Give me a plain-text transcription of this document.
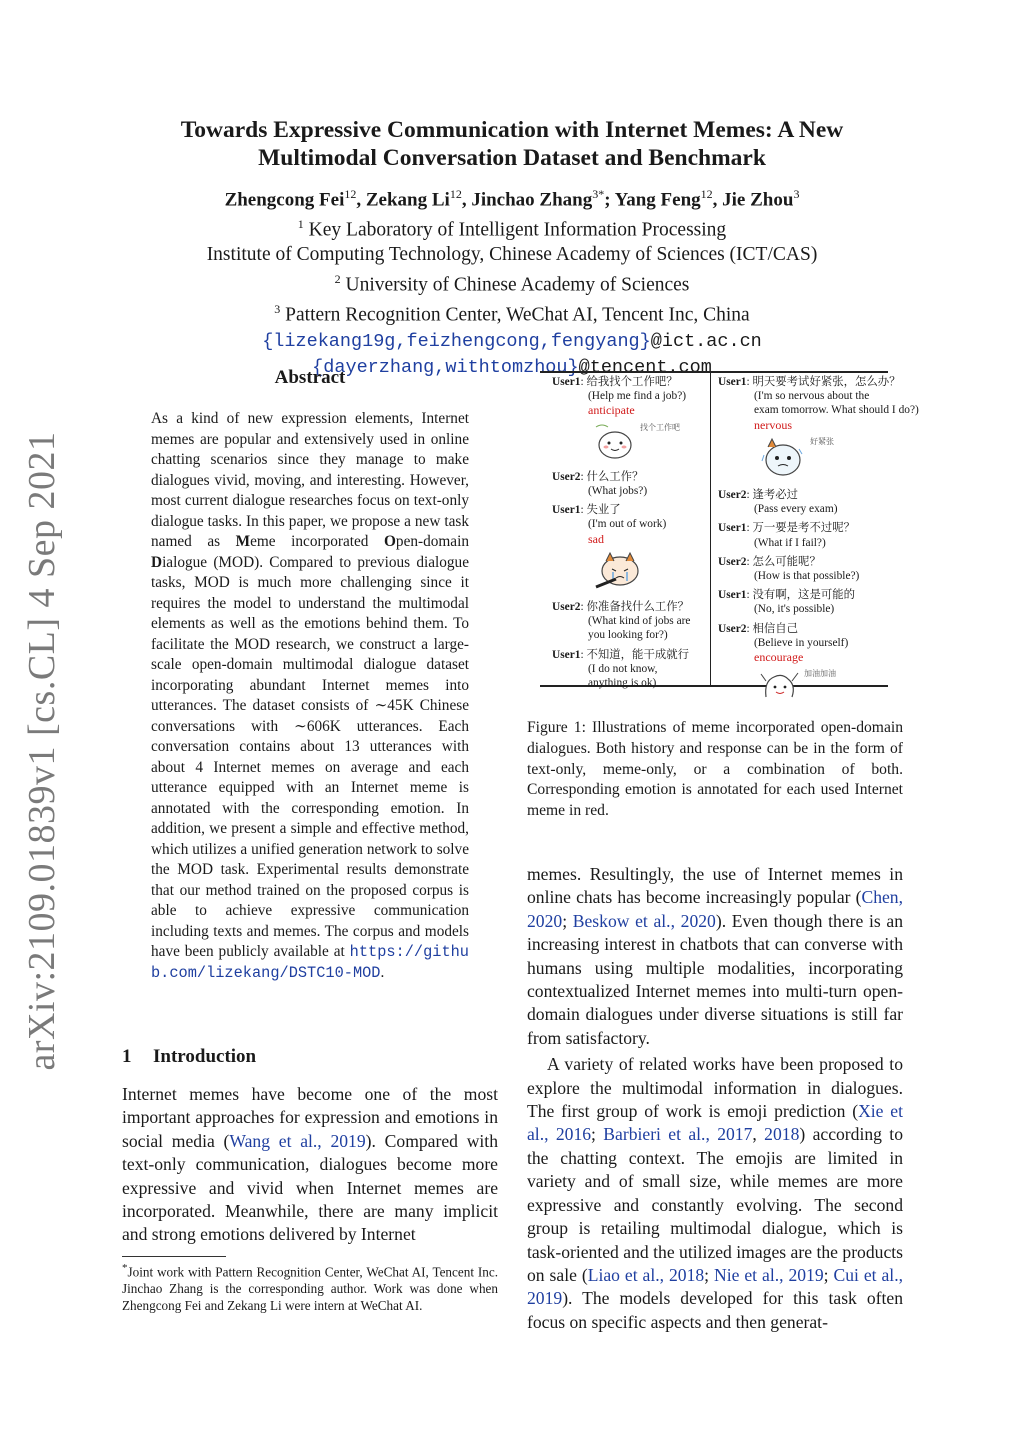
arXiv:2109.01839v1 [cs.CL] 4 Sep 2021
Towards Expressive Communication with Internet Memes: A New
Multimodal Conversation Dataset and Benchmark
Zhengcong Fei$^{12}$, Zekang Li$^{12}$, Jinchao Zhang$^{3*}$; Yang Feng$^{12}$, Jie Zhou$^3$
$^1$ Key Laboratory of Intelligent Information Processing
Institute of Computing Technology, Chinese Academy of Sciences (ICT/CAS)
$^2$ University of Chinese Academy of Sciences
$^3$ Pattern Recognition Center, WeChat AI, Tencent Inc, China
{lizekang19g,feizhengcong,fengyang}@ict.ac.cn
{dayerzhang,withtomzhou}@tencent.com
Abstract

As a kind of new expression elements, Internet memes are popular and extensively used in online chatting scenarios since they manage to make dialogues vivid, moving, and interesting. However, most current dialogue researches focus on text-only dialogue tasks. In this paper, we propose a new task named as Meme incorporated Open-domain Dialogue (MOD). Compared to previous dialogue tasks, MOD is much more challenging since it requires the model to understand the multimodal elements as well as the emotions behind them. To facilitate the MOD research, we construct a large-scale open-domain multimodal dialogue dataset incorporating abundant Internet memes into utterances. The dataset consists of ∼45K Chinese conversations with ∼606K utterances. Each conversation contains about 13 utterances with about 4 Internet memes on average and each utterance equipped with an Internet meme is annotated with the corresponding emotion. In addition, we present a simple and effective method, which utilizes a unified generation network to solve the MOD task. Experimental results demonstrate that our method trained on the proposed corpus is able to achieve expressive communication including texts and memes. The corpus and models have been publicly available at https://github.com/lizekang/DSTC10-MOD.

1 Introduction
Internet memes have become one of the most important approaches for expression and emotions in social media (Wang et al., 2019). Compared with text-only communication, dialogues become more expressive and vivid when Internet memes are incorporated. Meanwhile, there are many implicit and strong emotions delivered by Internet
*Joint work with Pattern Recognition Center, WeChat AI, Tencent Inc. Jinchao Zhang is the corresponding author. Work was done when Zhengcong Fei and Zekang Li were intern at WeChat AI.
User1: 给我找个工作吧？
(Help me find a job?)
anticipate
$^{找个工作吧}$
User2: 什么工作？
(What jobs?)
User1: 失业了
(I'm out of work)
sad
User2: 你准备找什么工作？
(What kind of jobs are
you looking for?)
User1: 不知道，能干成就行
(I do not know,
anything is ok)
User1: 明天要考试好紧张，怎么办？
(I'm so nervous about the
exam tomorrow. What should I do?)
nervous
$^{好紧张}$
User2: 逢考必过
(Pass every exam)
User1: 万一要是考不过呢？
(What if I fail?)
User2: 怎么可能呢？
(How is that possible?)
User1: 没有啊，这是可能的
(No, it's possible)
User2: 相信自己
(Believe in yourself)
encourage
$^{加油加油}$
Figure 1: Illustrations of meme incorporated open-domain dialogues. Both history and response can be in the form of text-only, meme-only, or a combination of both. Corresponding emotion is annotated for each used Internet meme in red.

memes. Resultingly, the use of Internet memes in online chats has become increasingly popular (Chen, 2020; Beskow et al., 2020). Even though there is an increasing interest in chatbots that can converse with humans using multiple modalities, incorporating contextualized Internet memes into multi-turn open-domain dialogues under diverse situations is still far from satisfactory.

A variety of related works have been proposed to explore the multimodal information in dialogues. The first group of work is emoji prediction (Xie et al., 2016; Barbieri et al., 2017, 2018) according to the chatting context. The emojis are limited in variety and of small size, while memes are more expressive and constantly evolving. The second group is retailing multimodal dialogue, which is task-oriented and the utilized images are the products on sale (Liao et al., 2018; Nie et al., 2019; Cui et al., 2019). The models developed for this task often focus on specific aspects and then generat-
